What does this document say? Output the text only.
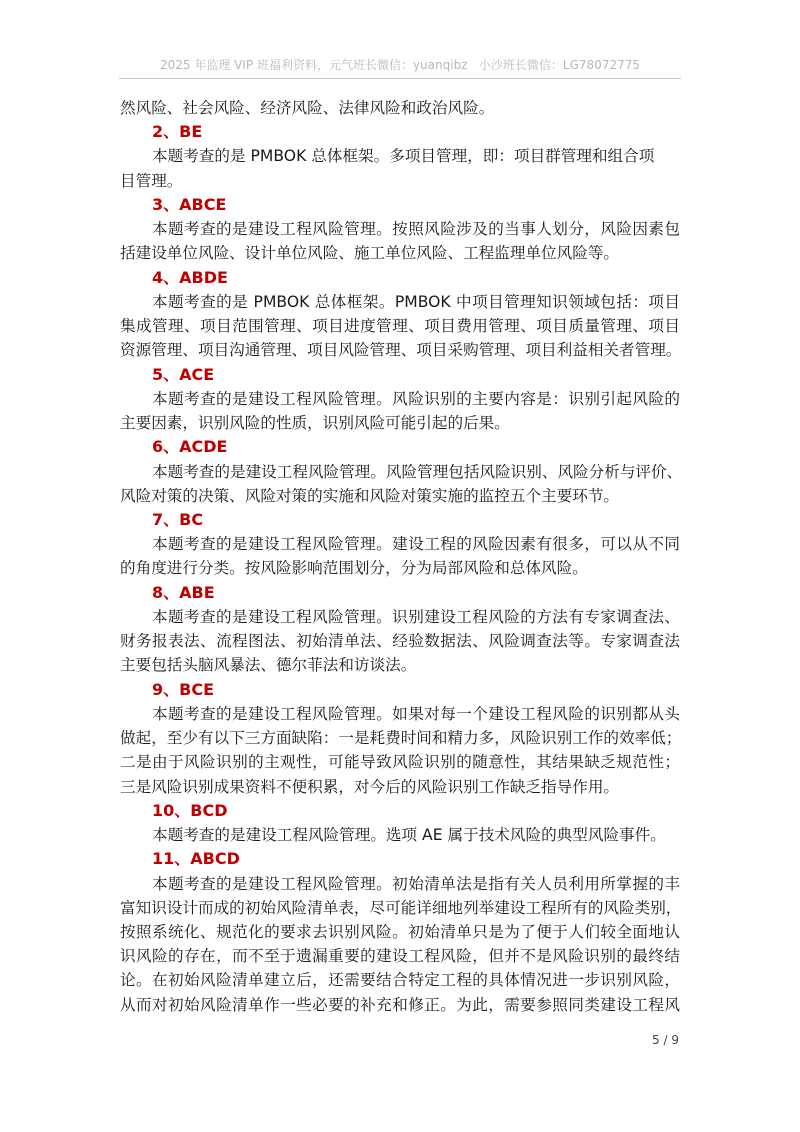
2025 年监理 VIP 班福利资料，元气班长微信：yuanqibz   小沙班长微信：LG78072775
然风险、社会风险、经济风险、法律风险和政治风险。
2、BE
本题考查的是 PMBOK 总体框架。多项目管理，即：项目群管理和组合项
目管理。
3、ABCE
本题考查的是建设工程风险管理。按照风险涉及的当事人划分，风险因素包
括建设单位风险、设计单位风险、施工单位风险、工程监理单位风险等。
4、ABDE
本题考查的是 PMBOK 总体框架。PMBOK 中项目管理知识领域包括：项目
集成管理、项目范围管理、项目进度管理、项目费用管理、项目质量管理、项目
资源管理、项目沟通管理、项目风险管理、项目采购管理、项目利益相关者管理。
5、ACE
本题考查的是建设工程风险管理。风险识别的主要内容是：识别引起风险的
主要因素，识别风险的性质，识别风险可能引起的后果。
6、ACDE
本题考查的是建设工程风险管理。风险管理包括风险识别、风险分析与评价、
风险对策的决策、风险对策的实施和风险对策实施的监控五个主要环节。
7、BC
本题考查的是建设工程风险管理。建设工程的风险因素有很多，可以从不同
的角度进行分类。按风险影响范围划分，分为局部风险和总体风险。
8、ABE
本题考查的是建设工程风险管理。识别建设工程风险的方法有专家调查法、
财务报表法、流程图法、初始清单法、经验数据法、风险调查法等。专家调查法
主要包括头脑风暴法、德尔菲法和访谈法。
9、BCE
本题考查的是建设工程风险管理。如果对每一个建设工程风险的识别都从头
做起，至少有以下三方面缺陷：一是耗费时间和精力多，风险识别工作的效率低；
二是由于风险识别的主观性，可能导致风险识别的随意性，其结果缺乏规范性；
三是风险识别成果资料不便积累，对今后的风险识别工作缺乏指导作用。
10、BCD
本题考查的是建设工程风险管理。选项 AE 属于技术风险的典型风险事件。
11、ABCD
本题考查的是建设工程风险管理。初始清单法是指有关人员利用所掌握的丰
富知识设计而成的初始风险清单表，尽可能详细地列举建设工程所有的风险类别，
按照系统化、规范化的要求去识别风险。初始清单只是为了便于人们较全面地认
识风险的存在，而不至于遗漏重要的建设工程风险，但并不是风险识别的最终结
论。在初始风险清单建立后，还需要结合特定工程的具体情况进一步识别风险，
从而对初始风险清单作一些必要的补充和修正。为此，需要参照同类建设工程风
5 / 9
